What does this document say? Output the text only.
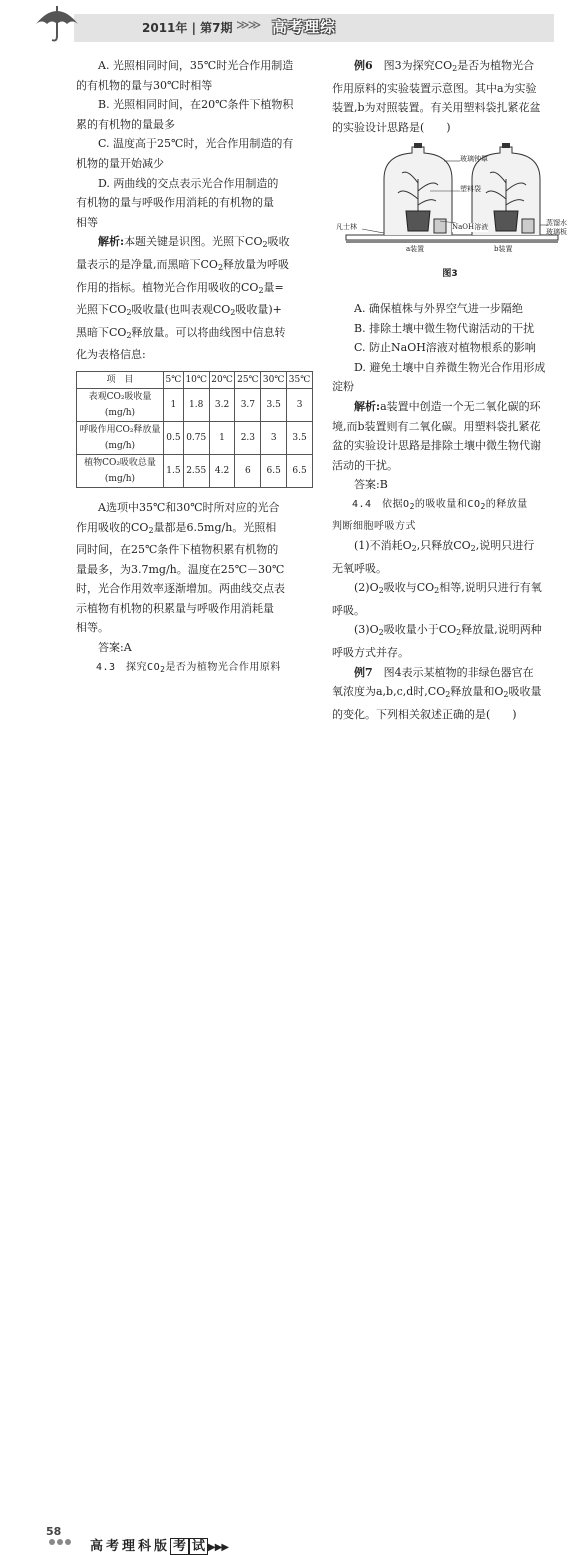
2011年 | 第7期 ≫≫ 高考理综

A. 光照相同时间，35℃时光合作用制造

的有机物的量与30℃时相等

B. 光照相同时间，在20℃条件下植物积

累的有机物的量最多

C. 温度高于25℃时，光合作用制造的有

机物的量开始减少

D. 两曲线的交点表示光合作用制造的

有机物的量与呼吸作用消耗的有机物的量

相等

解析:本题关键是识图。光照下$CO_2$吸收

量表示的是净量,而黑暗下$CO_2$释放量为呼吸

作用的指标。植物光合作用吸收的$CO_2$量=

光照下$CO_2$吸收量(也叫表观$CO_2$吸收量)+

黑暗下$CO_2$释放量。可以将曲线图中信息转

化为表格信息:

项　目	5℃	10℃	20℃	25℃	30℃	35℃

表观CO₂吸收量
(mg/h)	1	1.8	3.2	3.7	3.5	3

呼吸作用CO₂释放量
(mg/h)	0.5	0.75	1	2.3	3	3.5

植物CO₂吸收总量
(mg/h)	1.5	2.55	4.2	6	6.5	6.5

A选项中35℃和30℃时所对应的光合

作用吸收的$CO_2$量都是6.5mg/h。光照相

同时间，在25℃条件下植物积累有机物的

量最多，为3.7mg/h。温度在25℃－30℃

时，光合作用效率逐渐增加。两曲线交点表

示植物有机物的积累量与呼吸作用消耗量

相等。

答案:A

4.3　探究$CO_2$是否为植物光合作用原料

例6　 图3为探究$CO_2$是否为植物光合

作用原料的实验装置示意图。其中a为实验

装置,b为对照装置。有关用塑料袋扎紧花盆

的实验设计思路是(　　)

玻璃钟罩
塑料袋
NaOH溶液
凡士林	蒸馏水
玻璃板
a装置	b装置
图3

A. 确保植株与外界空气进一步隔绝

B. 排除土壤中微生物代谢活动的干扰

C. 防止NaOH溶液对植物根系的影响

D. 避免土壤中自养微生物光合作用形成

淀粉

解析:a装置中创造一个无二氧化碳的环

境,而b装置则有二氧化碳。用塑料袋扎紧花

盆的实验设计思路是排除土壤中微生物代谢

活动的干扰。

答案:B

4.4　依据$O_2$的吸收量和$CO_2$的释放量

判断细胞呼吸方式

(1)不消耗$O_2$,只释放$CO_2$,说明只进行

无氧呼吸。

$(2)O_2$吸收与$CO_2$相等,说明只进行有氧

呼吸。

$(3)O_2$吸收量小于$CO_2$释放量,说明两种

呼吸方式并存。

例7　 图4表示某植物的非绿色器官在

氧浓度为a,b,c,d时$,CO_2$释放量和$O_2$吸收量

的变化。下列相关叙述正确的是(　　)

58
高考理科版 考 试 ▶▶▶
